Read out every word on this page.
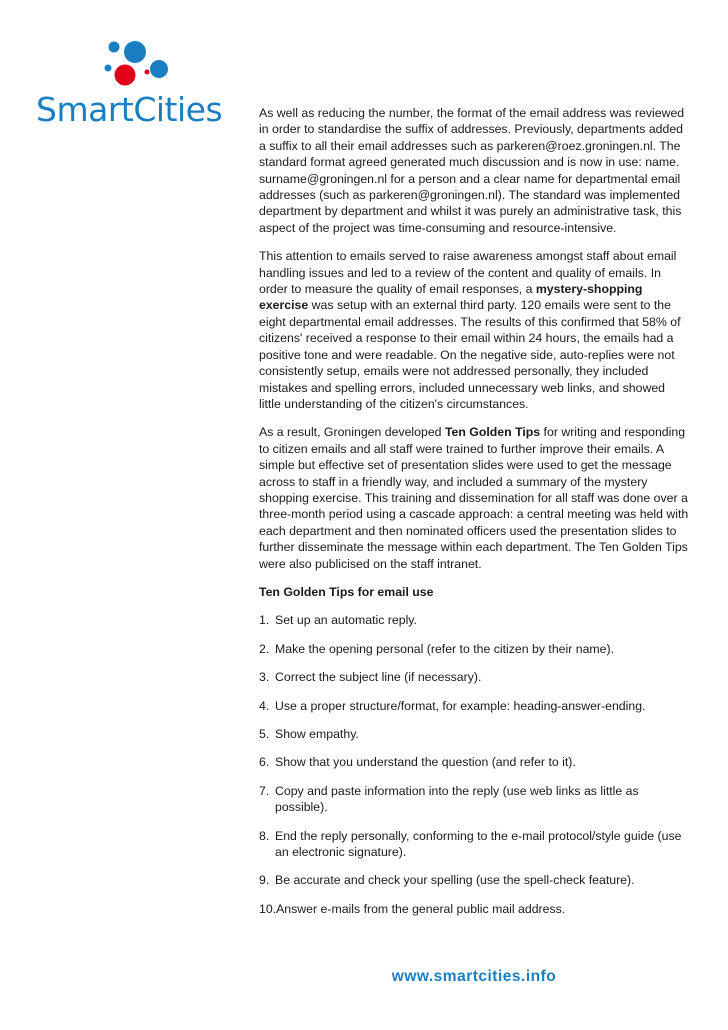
SmartCities	As well as reducing the number, the format of the email address was reviewed in order to standardise the suffix of addresses. Previously, departments added a suffix to all their email addresses such as parkeren@roez.groningen.nl. The standard format agreed generated much discussion and is now in use: name. surname@groningen.nl for a person and a clear name for departmental email addresses (such as parkeren@groningen.nl). The standard was implemented department by department and whilst it was purely an administrative task, this aspect of the project was time-consuming and resource-intensive.

This attention to emails served to raise awareness amongst staff about email handling issues and led to a review of the content and quality of emails. In order to measure the quality of email responses, a mystery-shopping exercise was setup with an external third party. 120 emails were sent to the eight departmental email addresses. The results of this confirmed that 58% of citizens' received a response to their email within 24 hours, the emails had a positive tone and were readable. On the negative side, auto-replies were not consistently setup, emails were not addressed personally, they included mistakes and spelling errors, included unnecessary web links, and showed little understanding of the citizen's circumstances.

As a result, Groningen developed Ten Golden Tips for writing and responding to citizen emails and all staff were trained to further improve their emails. A simple but effective set of presentation slides were used to get the message across to staff in a friendly way, and included a summary of the mystery shopping exercise. This training and dissemination for all staff was done over a three-month period using a cascade approach: a central meeting was held with each department and then nominated officers used the presentation slides to further disseminate the message within each department. The Ten Golden Tips were also publicised on the staff intranet.

Ten Golden Tips for email use

1. Set up an automatic reply.
2. Make the opening personal (refer to the citizen by their name).
3. Correct the subject line (if necessary).
4. Use a proper structure/format, for example: heading-answer-ending.
5. Show empathy.
6. Show that you understand the question (and refer to it).
7. Copy and paste information into the reply (use web links as little as possible).
8. End the reply personally, conforming to the e-mail protocol/style guide (use an electronic signature).
9. Be accurate and check your spelling (use the spell-check feature).
10. Answer e-mails from the general public mail address.
www.smartcities.info
